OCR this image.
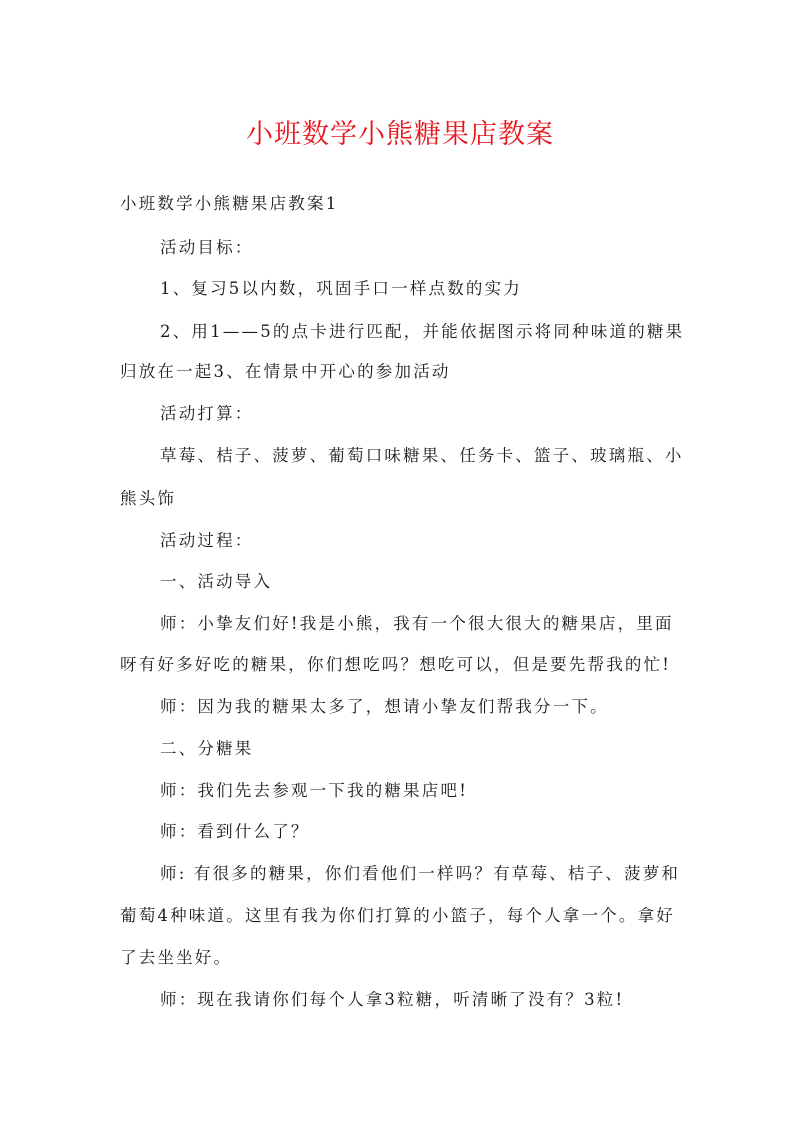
小班数学小熊糖果店教案

小班数学小熊糖果店教案1

活动目标：

1、复习5以内数，巩固手口一样点数的实力

2、用1——5的点卡进行匹配，并能依据图示将同种味道的糖果

归放在一起3、在情景中开心的参加活动

活动打算：

草莓、桔子、菠萝、葡萄口味糖果、任务卡、篮子、玻璃瓶、小

熊头饰

活动过程：

一、活动导入

师：小挚友们好!我是小熊，我有一个很大很大的糖果店，里面

呀有好多好吃的糖果，你们想吃吗？想吃可以，但是要先帮我的忙!

师：因为我的糖果太多了，想请小挚友们帮我分一下。

二、分糖果

师：我们先去参观一下我的糖果店吧!

师：看到什么了？

师: 有很多的糖果，你们看他们一样吗？有草莓、桔子、菠萝和

葡萄4种味道。这里有我为你们打算的小篮子，每个人拿一个。拿好

了去坐坐好。

师：现在我请你们每个人拿3粒糖，听清晰了没有？3粒!
